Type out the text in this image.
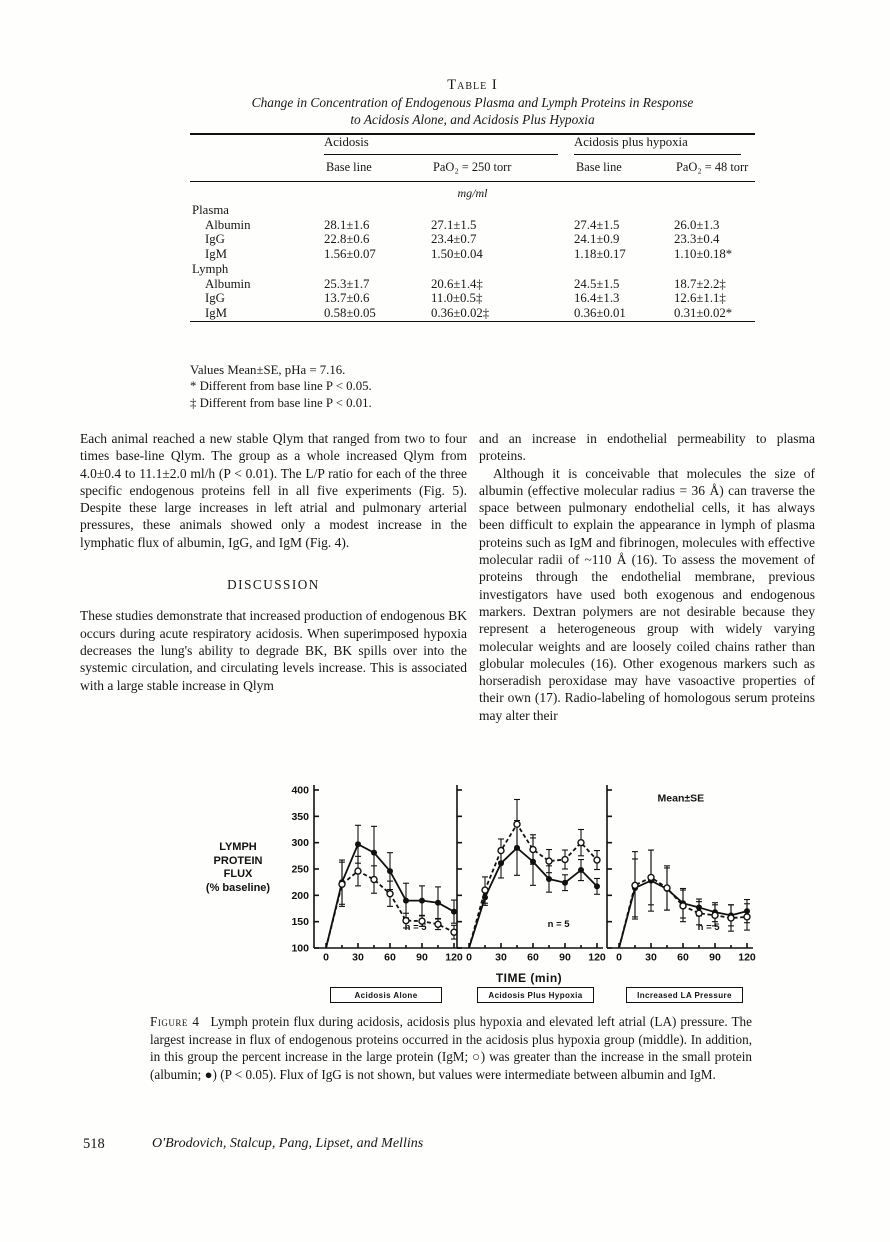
Table I
Change in Concentration of Endogenous Plasma and Lymph Proteins in Response
to Acidosis Alone, and Acidosis Plus Hypoxia

	Acidosis		Acidosis plus hypoxia	

	Base line	PaO₂ = 250 torr	Base line	PaO₂ = 48 torr
mg/ml				
Plasma				
Albumin	28.1±1.6	27.1±1.5	27.4±1.5	26.0±1.3
IgG	22.8±0.6	23.4±0.7	24.1±0.9	23.3±0.4
IgM	1.56±0.07	1.50±0.04	1.18±0.17	1.10±0.18*
Lymph				
Albumin	25.3±1.7	20.6±1.4‡	24.5±1.5	18.7±2.2‡
IgG	13.7±0.6	11.0±0.5‡	16.4±1.3	12.6±1.1‡
IgM	0.58±0.05	0.36±0.02‡	0.36±0.01	0.31±0.02*
Values Mean±SE, pHa = 7.16.
* Different from base line P < 0.05.
‡ Different from base line P < 0.01.

Each animal reached a new stable Qlym that ranged from two to four times base-line Qlym. The group as a whole increased Qlym from 4.0±0.4 to 11.1±2.0 ml/h (P < 0.01). The L/P ratio for each of the three specific endogenous proteins fell in all five experiments (Fig. 5). Despite these large increases in left atrial and pulmonary arterial pressures, these animals showed only a modest increase in the lymphatic flux of albumin, IgG, and IgM (Fig. 4).

DISCUSSION

These studies demonstrate that increased production of endogenous BK occurs during acute respiratory acidosis. When superimposed hypoxia decreases the lung's ability to degrade BK, BK spills over into the systemic circulation, and circulating levels increase. This is associated with a large stable increase in Qlym

and an increase in endothelial permeability to plasma proteins.

Although it is conceivable that molecules the size of albumin (effective molecular radius = 36 Å) can traverse the space between pulmonary endothelial cells, it has always been difficult to explain the appearance in lymph of plasma proteins such as IgM and fibrinogen, molecules with effective molecular radii of ~110 Å (16). To assess the movement of proteins through the endothelial membrane, previous investigators have used both exogenous and endogenous markers. Dextran polymers are not desirable because they represent a heterogeneous group with widely varying molecular weights and are loosely coiled chains rather than globular molecules (16). Other exogenous markers such as horseradish peroxidase may have vasoactive properties of their own (17). Radio-labeling of homologous serum proteins may alter their

LYMPH
PROTEIN
FLUX
(% baseline)
100
150
200
250
300
350
400
0 30 60 90 120
n = 5
0 30 60 90 120
n = 5
0 30 60 90 120
n = 5
Mean±SE
TIME (min)
Acidosis Alone	Acidosis Plus Hypoxia	Increased LA Pressure
Figure 4 Lymph protein flux during acidosis, acidosis plus hypoxia and elevated left atrial (LA) pressure. The largest increase in flux of endogenous proteins occurred in the acidosis plus hypoxia group (middle). In addition, in this group the percent increase in the large protein (IgM; ○) was greater than the increase in the small protein (albumin; ●) (P < 0.05). Flux of IgG is not shown, but values were intermediate between albumin and IgM.
518	O'Brodovich, Stalcup, Pang, Lipset, and Mellins
